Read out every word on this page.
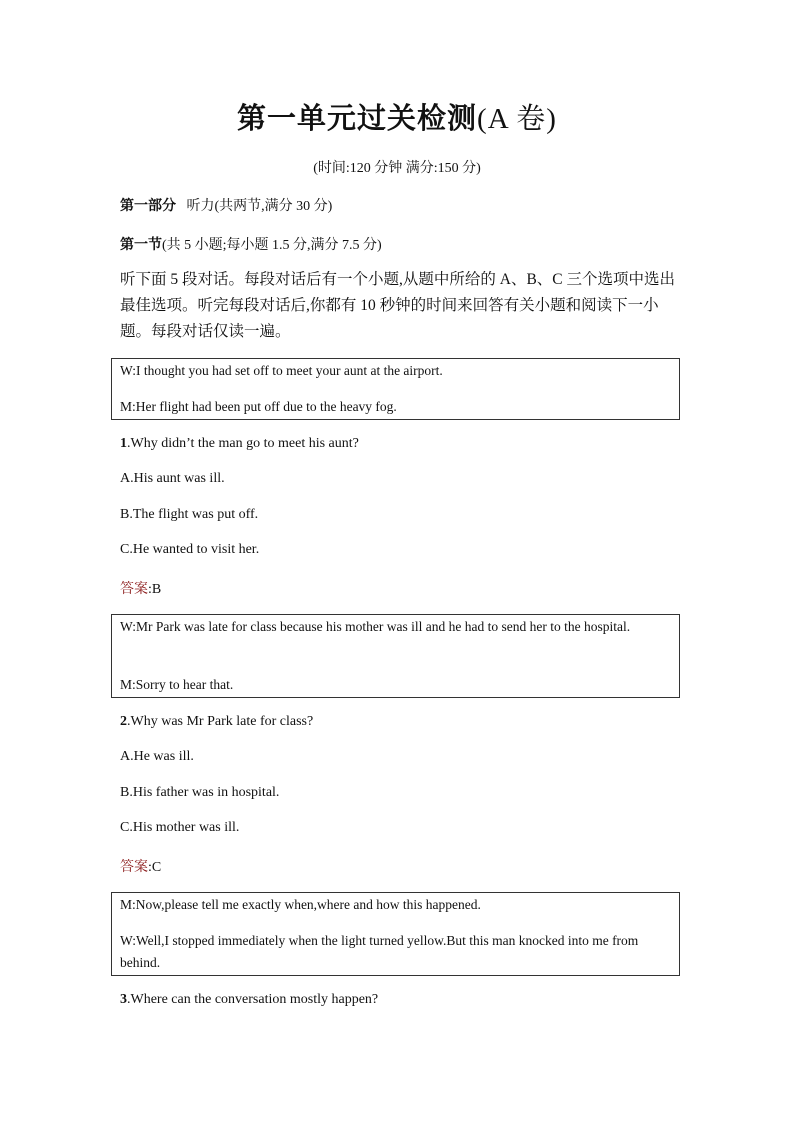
第一单元过关检测(A 卷)
(时间:120 分钟 满分:150 分)
第一部分 听力(共两节,满分 30 分)
第一节(共 5 小题;每小题 1.5 分,满分 7.5 分)
听下面 5 段对话。每段对话后有一个小题,从题中所给的 A、B、C 三个选项中选出最佳选项。听完每段对话后,你都有 10 秒钟的时间来回答有关小题和阅读下一小题。每段对话仅读一遍。
W:I thought you had set off to meet your aunt at the airport.
M:Her flight had been put off due to the heavy fog.
1.Why didn’t the man go to meet his aunt?
A.His aunt was ill.
B.The flight was put off.
C.He wanted to visit her.
答案:B
W:Mr Park was late for class because his mother was ill and he had to send her to the hospital.
M:Sorry to hear that.
2.Why was Mr Park late for class?
A.He was ill.
B.His father was in hospital.
C.His mother was ill.
答案:C
M:Now,please tell me exactly when,where and how this happened.
W:Well,I stopped immediately when the light turned yellow.But this man knocked into me from behind.
3.Where can the conversation mostly happen?
